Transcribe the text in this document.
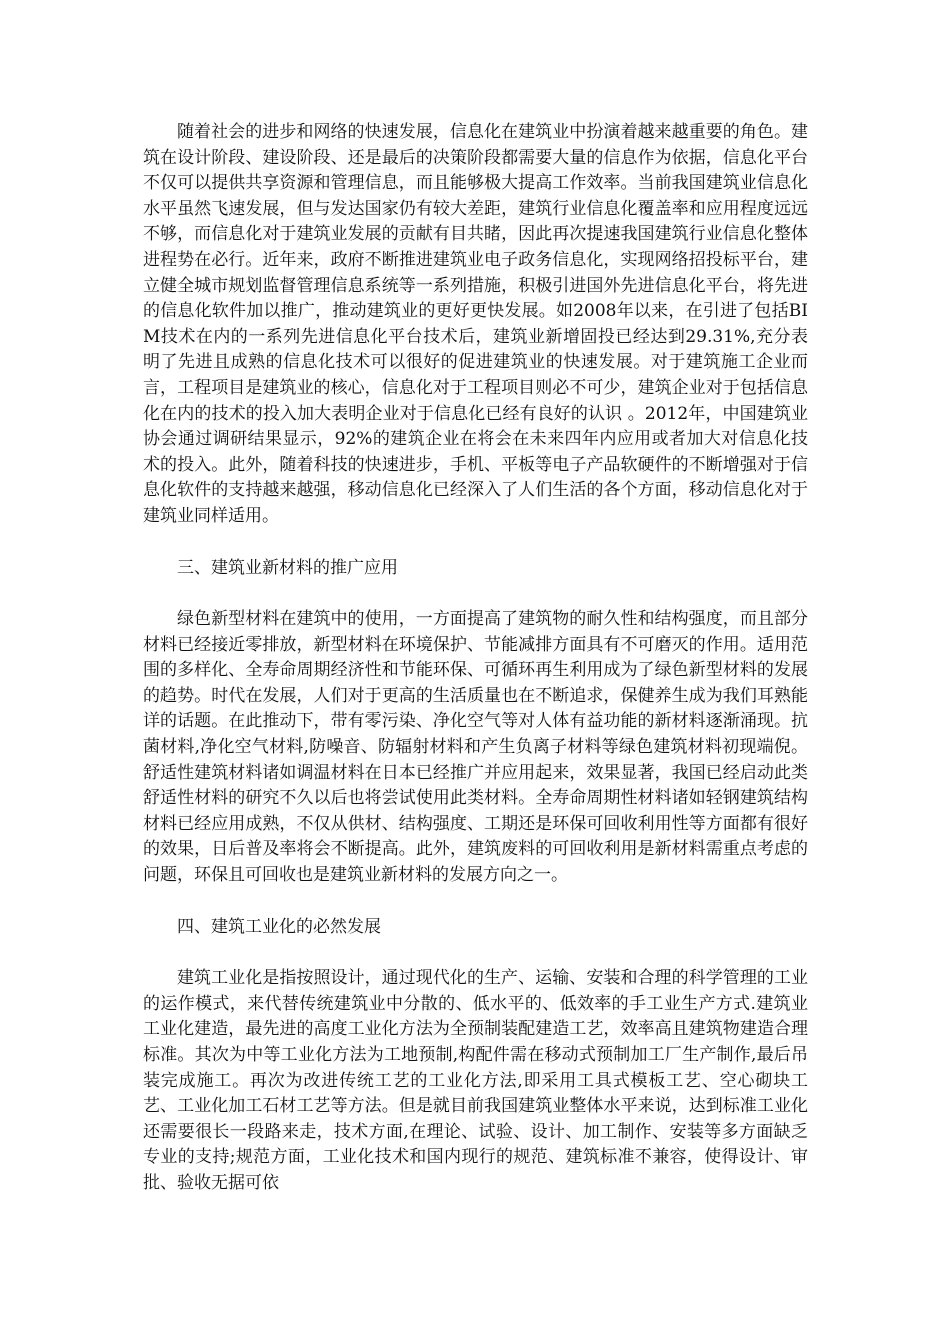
随着社会的进步和网络的快速发展，信息化在建筑业中扮演着越来越重要的角色。建筑在设计阶段、建设阶段、还是最后的决策阶段都需要大量的信息作为依据，信息化平台不仅可以提供共享资源和管理信息，而且能够极大提高工作效率。当前我国建筑业信息化水平虽然飞速发展，但与发达国家仍有较大差距，建筑行业信息化覆盖率和应用程度远远不够，而信息化对于建筑业发展的贡献有目共睹，因此再次提速我国建筑行业信息化整体进程势在必行。近年来，政府不断推进建筑业电子政务信息化，实现网络招投标平台，建立健全城市规划监督管理信息系统等一系列措施，积极引进国外先进信息化平台，将先进的信息化软件加以推广，推动建筑业的更好更快发展。如2008年以来，在引进了包括BIM技术在内的一系列先进信息化平台技术后，建筑业新增固投已经达到29.31%,充分表明了先进且成熟的信息化技术可以很好的促进建筑业的快速发展。对于建筑施工企业而言，工程项目是建筑业的核心，信息化对于工程项目则必不可少，建筑企业对于包括信息化在内的技术的投入加大表明企业对于信息化已经有良好的认识 。2012年，中国建筑业协会通过调研结果显示，92%的建筑企业在将会在未来四年内应用或者加大对信息化技术的投入。此外，随着科技的快速进步，手机、平板等电子产品软硬件的不断增强对于信息化软件的支持越来越强，移动信息化已经深入了人们生活的各个方面，移动信息化对于建筑业同样适用。

三、建筑业新材料的推广应用

绿色新型材料在建筑中的使用，一方面提高了建筑物的耐久性和结构强度，而且部分材料已经接近零排放，新型材料在环境保护、节能减排方面具有不可磨灭的作用。适用范围的多样化、全寿命周期经济性和节能环保、可循环再生利用成为了绿色新型材料的发展的趋势。时代在发展，人们对于更高的生活质量也在不断追求，保健养生成为我们耳熟能详的话题。在此推动下，带有零污染、净化空气等对人体有益功能的新材料逐渐涌现。抗菌材料,净化空气材料,防噪音、防辐射材料和产生负离子材料等绿色建筑材料初现端倪。舒适性建筑材料诸如调温材料在日本已经推广并应用起来，效果显著，我国已经启动此类舒适性材料的研究不久以后也将尝试使用此类材料。全寿命周期性材料诸如轻钢建筑结构材料已经应用成熟，不仅从供材、结构强度、工期还是环保可回收利用性等方面都有很好的效果，日后普及率将会不断提高。此外，建筑废料的可回收利用是新材料需重点考虑的问题，环保且可回收也是建筑业新材料的发展方向之一。

四、建筑工业化的必然发展

建筑工业化是指按照设计，通过现代化的生产、运输、安装和合理的科学管理的工业的运作模式，来代替传统建筑业中分散的、低水平的、低效率的手工业生产方式.建筑业工业化建造，最先进的高度工业化方法为全预制装配建造工艺，效率高且建筑物建造合理标准。其次为中等工业化方法为工地预制,构配件需在移动式预制加工厂生产制作,最后吊装完成施工。再次为改进传统工艺的工业化方法,即采用工具式模板工艺、空心砌块工艺、工业化加工石材工艺等方法。但是就目前我国建筑业整体水平来说，达到标准工业化还需要很长一段路来走，技术方面,在理论、试验、设计、加工制作、安装等多方面缺乏专业的支持;规范方面，工业化技术和国内现行的规范、建筑标准不兼容，使得设计、审批、验收无据可依
